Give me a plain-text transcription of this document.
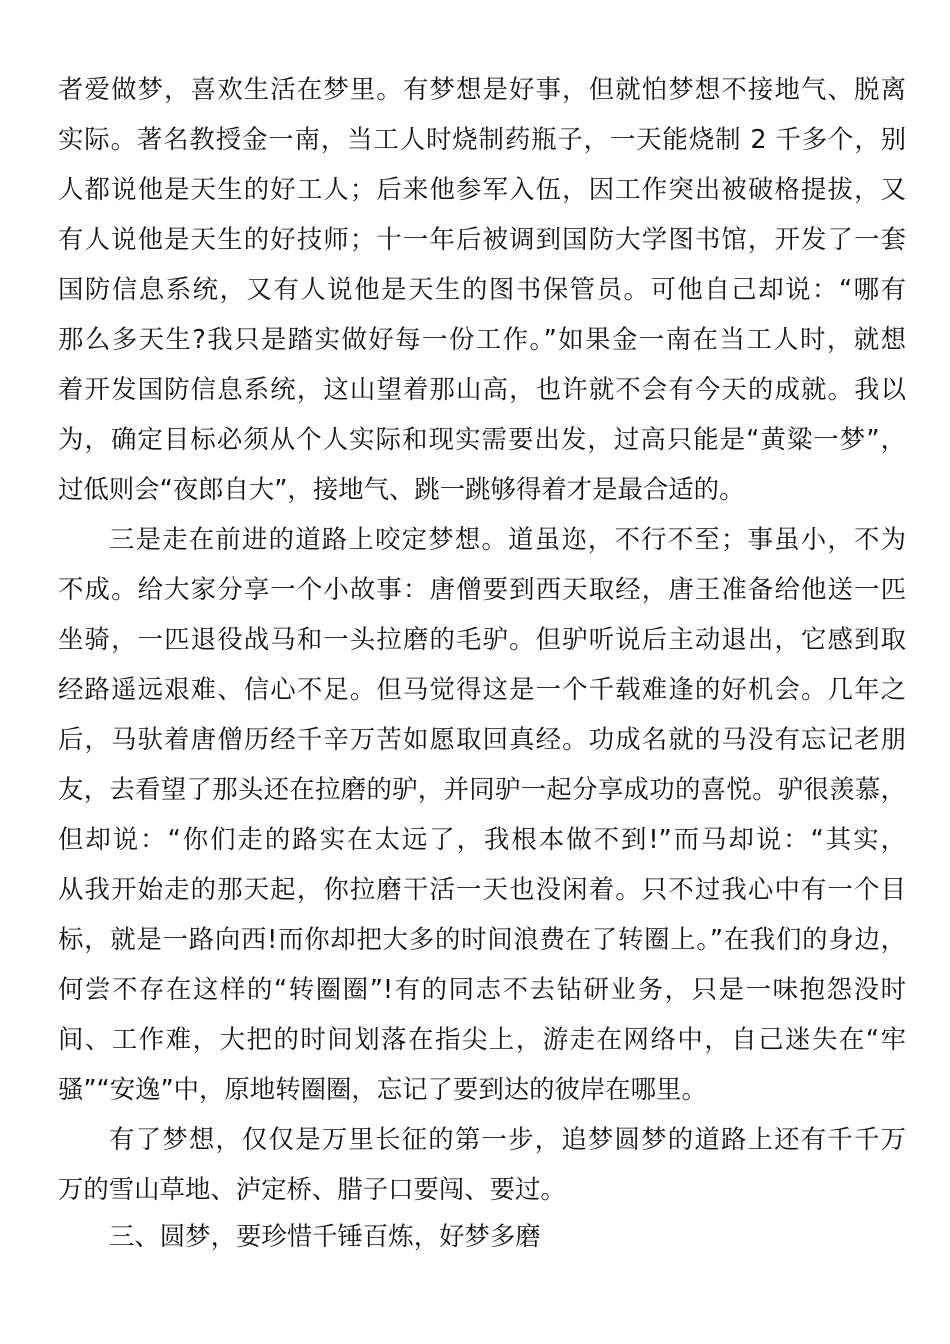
者爱做梦，喜欢生活在梦里。有梦想是好事，但就怕梦想不接地气、脱离
实际。著名教授金一南，当工人时烧制药瓶子，一天能烧制 2 千多个，别
人都说他是天生的好工人；后来他参军入伍，因工作突出被破格提拔，又
有人说他是天生的好技师；十一年后被调到国防大学图书馆，开发了一套
国防信息系统，又有人说他是天生的图书保管员。可他自己却说：“哪有
那么多天生?我只是踏实做好每一份工作。”如果金一南在当工人时，就想
着开发国防信息系统，这山望着那山高，也许就不会有今天的成就。我以
为，确定目标必须从个人实际和现实需要出发，过高只能是“黄粱一梦”，
过低则会“夜郎自大”，接地气、跳一跳够得着才是最合适的。
三是走在前进的道路上咬定梦想。道虽迩，不行不至；事虽小，不为
不成。给大家分享一个小故事：唐僧要到西天取经，唐王准备给他送一匹
坐骑，一匹退役战马和一头拉磨的毛驴。但驴听说后主动退出，它感到取
经路遥远艰难、信心不足。但马觉得这是一个千载难逢的好机会。几年之
后，马驮着唐僧历经千辛万苦如愿取回真经。功成名就的马没有忘记老朋
友，去看望了那头还在拉磨的驴，并同驴一起分享成功的喜悦。驴很羡慕，
但却说：“你们走的路实在太远了，我根本做不到!”而马却说：“其实，
从我开始走的那天起，你拉磨干活一天也没闲着。只不过我心中有一个目
标，就是一路向西!而你却把大多的时间浪费在了转圈上。”在我们的身边，
何尝不存在这样的“转圈圈”!有的同志不去钻研业务，只是一味抱怨没时
间、工作难，大把的时间划落在指尖上，游走在网络中，自己迷失在“牢
骚”“安逸”中，原地转圈圈，忘记了要到达的彼岸在哪里。
有了梦想，仅仅是万里长征的第一步，追梦圆梦的道路上还有千千万
万的雪山草地、泸定桥、腊子口要闯、要过。
三、圆梦，要珍惜千锤百炼，好梦多磨
